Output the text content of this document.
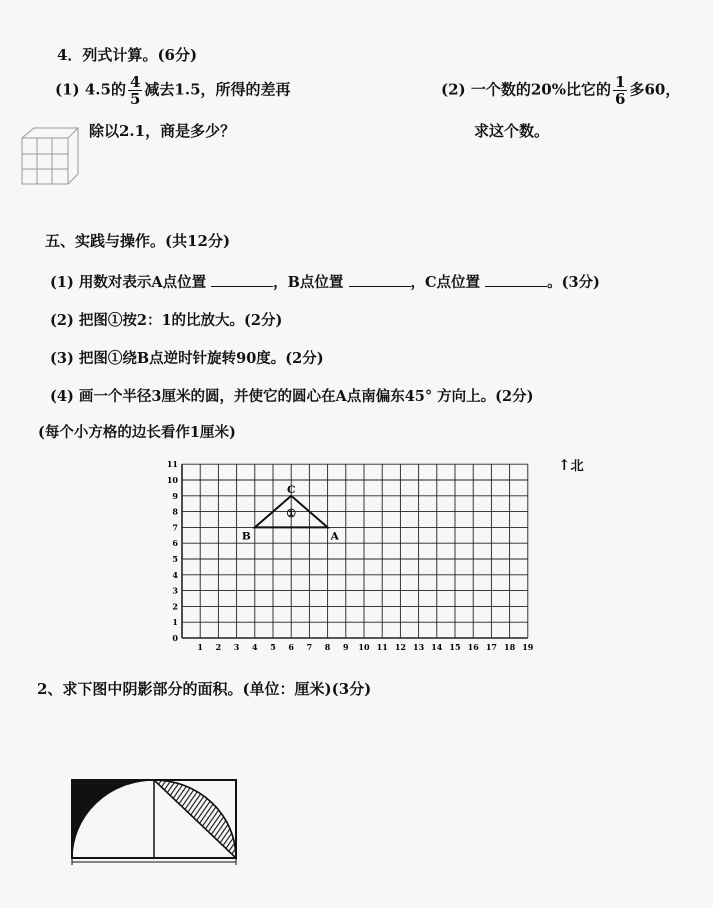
4．列式计算。(6分)
(1) 4.5的 $\frac{4}{5}$ 减去1.5，所得的差再
除以2.1，商是多少？
(2) 一个数的20%比它的 $\frac{1}{6}$ 多60，
求这个数。
五、实践与操作。(共12分)
(1) 用数对表示A点位置	，B点位置	，C点位置	。(3分)
(2) 把图①按2：1的比放大。(2分)
(3) 把图①绕B点逆时针旋转90度。(2分)
(4) 画一个半径3厘米的圆，并使它的圆心在A点南偏东45° 方向上。(2分)
(每个小方格的边长看作1厘米)
1 2 3 4 5 6 7 8 9 10 11 12 13 14 15 16 17 18 19
0
1
2
3
4
5
6
7
8
9
10
11
B	A
C
①
↑北
2、求下图中阴影部分的面积。(单位：厘米)(3分)
